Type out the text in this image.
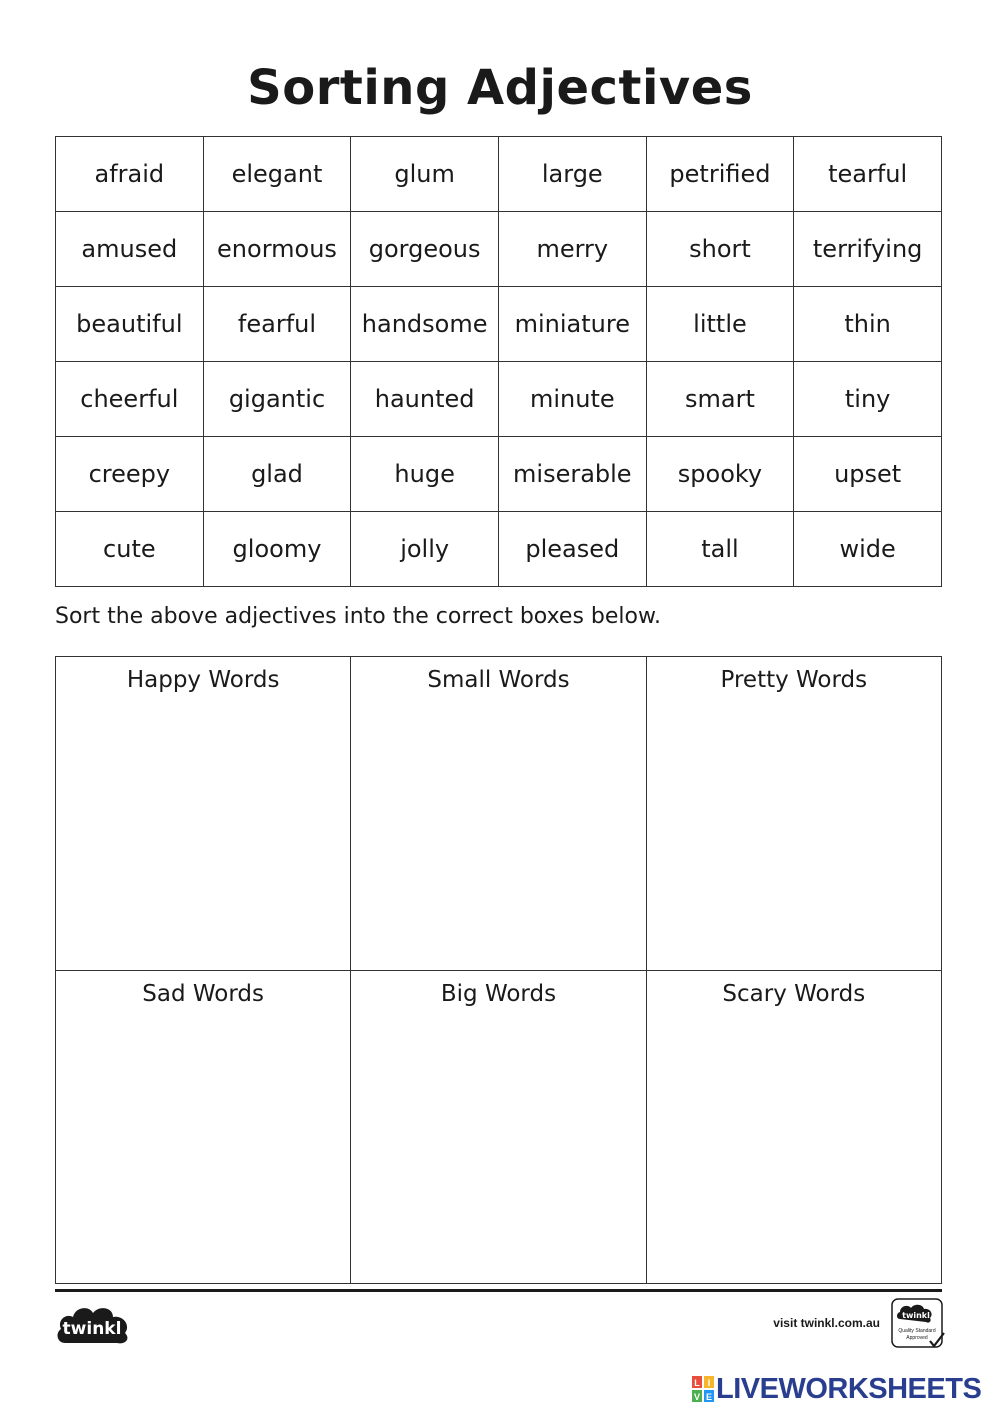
Sorting Adjectives
afraid	elegant	glum	large	petrified	tearful
amused	enormous	gorgeous	merry	short	terrifying
beautiful	fearful	handsome	miniature	little	thin
cheerful	gigantic	haunted	minute	smart	tiny
creepy	glad	huge	miserable	spooky	upset
cute	gloomy	jolly	pleased	tall	wide
Sort the above adjectives into the correct boxes below.
Happy Words	Small Words	Pretty Words

Sad Words	Big Words	Scary Words
twinkl	visit twinkl.com.au
twinkl
Quality Standard
Approved
L I
V E LIVEWORKSHEETS
